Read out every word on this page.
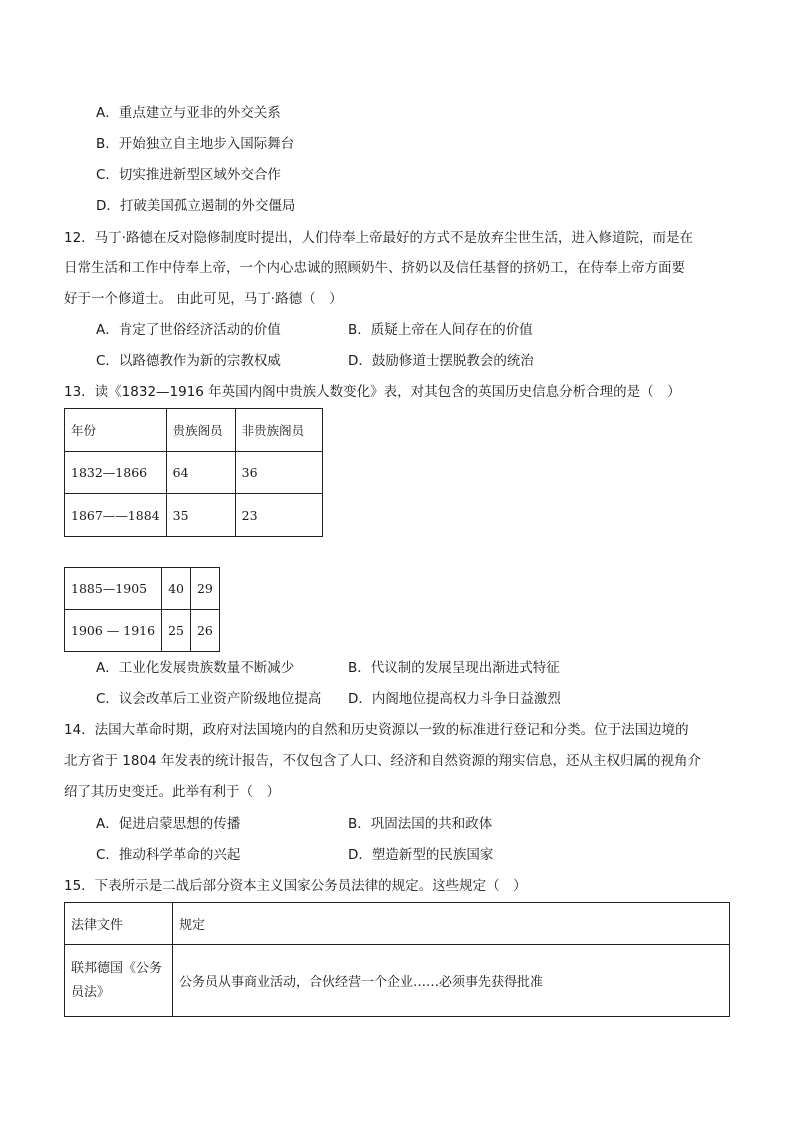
A．重点建立与亚非的外交关系
B．开始独立自主地步入国际舞台
C．切实推进新型区域外交合作
D．打破美国孤立遏制的外交僵局
12．马丁·路德在反对隐修制度时提出，人们侍奉上帝最好的方式不是放弃尘世生活，进入修道院，而是在
日常生活和工作中侍奉上帝，一个内心忠诚的照顾奶牛、挤奶以及信任基督的挤奶工，在侍奉上帝方面要
好于一个修道士。 由此可见，马丁·路德（　）
A．肯定了世俗经济活动的价值	B．质疑上帝在人间存在的价值
C．以路德教作为新的宗教权威	D．鼓励修道士摆脱教会的统治
13．读《1832—1916 年英国内阁中贵族人数变化》表，对其包含的英国历史信息分析合理的是（　）
年份	贵族阁员	非贵族阁员
1832—1866	64	36
1867——1884	35	23
1885—1905	40	29
1906 — 1916	25	26
A．工业化发展贵族数量不断减少	B．代议制的发展呈现出渐进式特征
C．议会改革后工业资产阶级地位提高 D．内阁地位提高权力斗争日益激烈
14．法国大革命时期，政府对法国境内的自然和历史资源以一致的标准进行登记和分类。位于法国边境的
北方省于 1804 年发表的统计报告，不仅包含了人口、经济和自然资源的翔实信息，还从主权归属的视角介
绍了其历史变迁。此举有利于（　）
A．促进启蒙思想的传播	B．巩固法国的共和政体
C．推动科学革命的兴起	D．塑造新型的民族国家
15．下表所示是二战后部分资本主义国家公务员法律的规定。这些规定（　）
法律文件	规定

联邦德国《公务
员法》	公务员从事商业活动，合伙经营一个企业……必须事先获得批准
